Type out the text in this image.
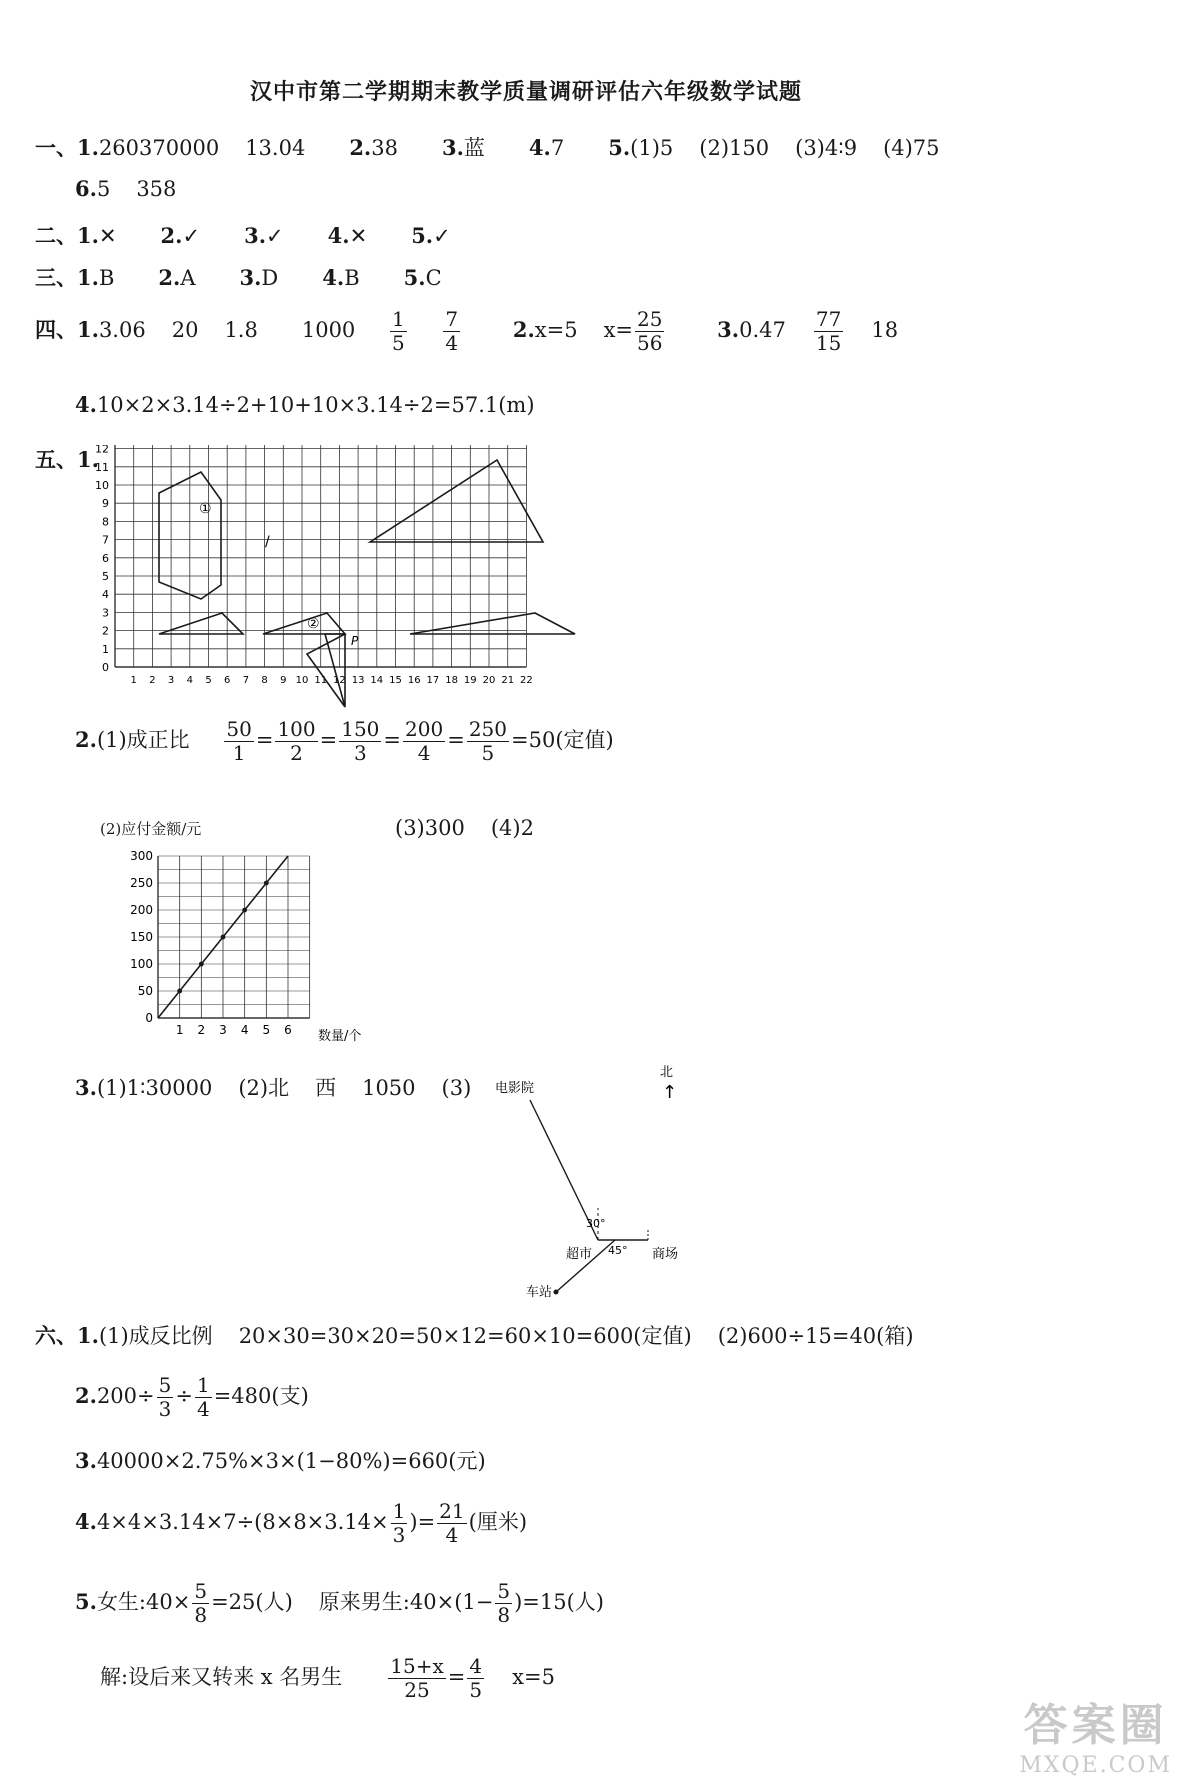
汉中市第二学期期末教学质量调研评估六年级数学试题
一、1.260370000 13.04 2.38 3.蓝 4.7 5.(1)5 (2)150 (3)4∶9 (4)75
6.5 358
二、1.✕ 2.✓ 3.✓ 4.✕ 5.✓
三、1.B 2.A 3.D 4.B 5.C
四、1.3.06 20 1.8 $1000 \frac{1}{5}$
$\frac{7}{4}$	2.x=5 $x= \frac{25}{56}$	$3.0.47 \frac{77}{15} 18$
4.10×2×3.14÷2+10+10×3.14÷2=57.1(m)
五、1.
0
1
2
3
4
5
6
7
8
9
10
11
12
1 2 3 4 5 6 7 8 9 10 11 12 13 14 15 16 17 18 19 20 21 22
①
②
P
/
2.(1)成正比 $\frac{50}{1} = \frac{100}{2} = \frac{150}{3} = \frac{200}{4} = \frac{250}{5} =50$(定值)
(2)应付金额/元	(3)300 (4)2
0
50
100
150
200
250
300
1 2 3 4 5 6 数量/个
3.(1)1∶30000 (2)北 西 1050 (3)
北
↑
电影院
30°
45°
超市	商场
车站
六、1.(1)成反比例 20×30=30×20=50×12=60×10=600(定值) (2)600÷15=40(箱)
$2.200\div \frac{5}{3} \div \frac{1}{4} =480$(支)
3.40000×2.75%×3×(1−80%)=660(元)
$4.4\times 4\times 3.14\times 7\div(8\times 8\times 3.14\times \frac{1}{3}$ )= $\frac{21}{4}$ (厘米)
5.女生:40× $\frac{5}{8} =25$(人) 原来男生:40×(1− $\frac{5}{8} )=15$(人)
解:设后来又转来 x 名男生 $\frac{15+x}{25} = \frac{4}{5} x=5$
答案圈
MXQE.COM
